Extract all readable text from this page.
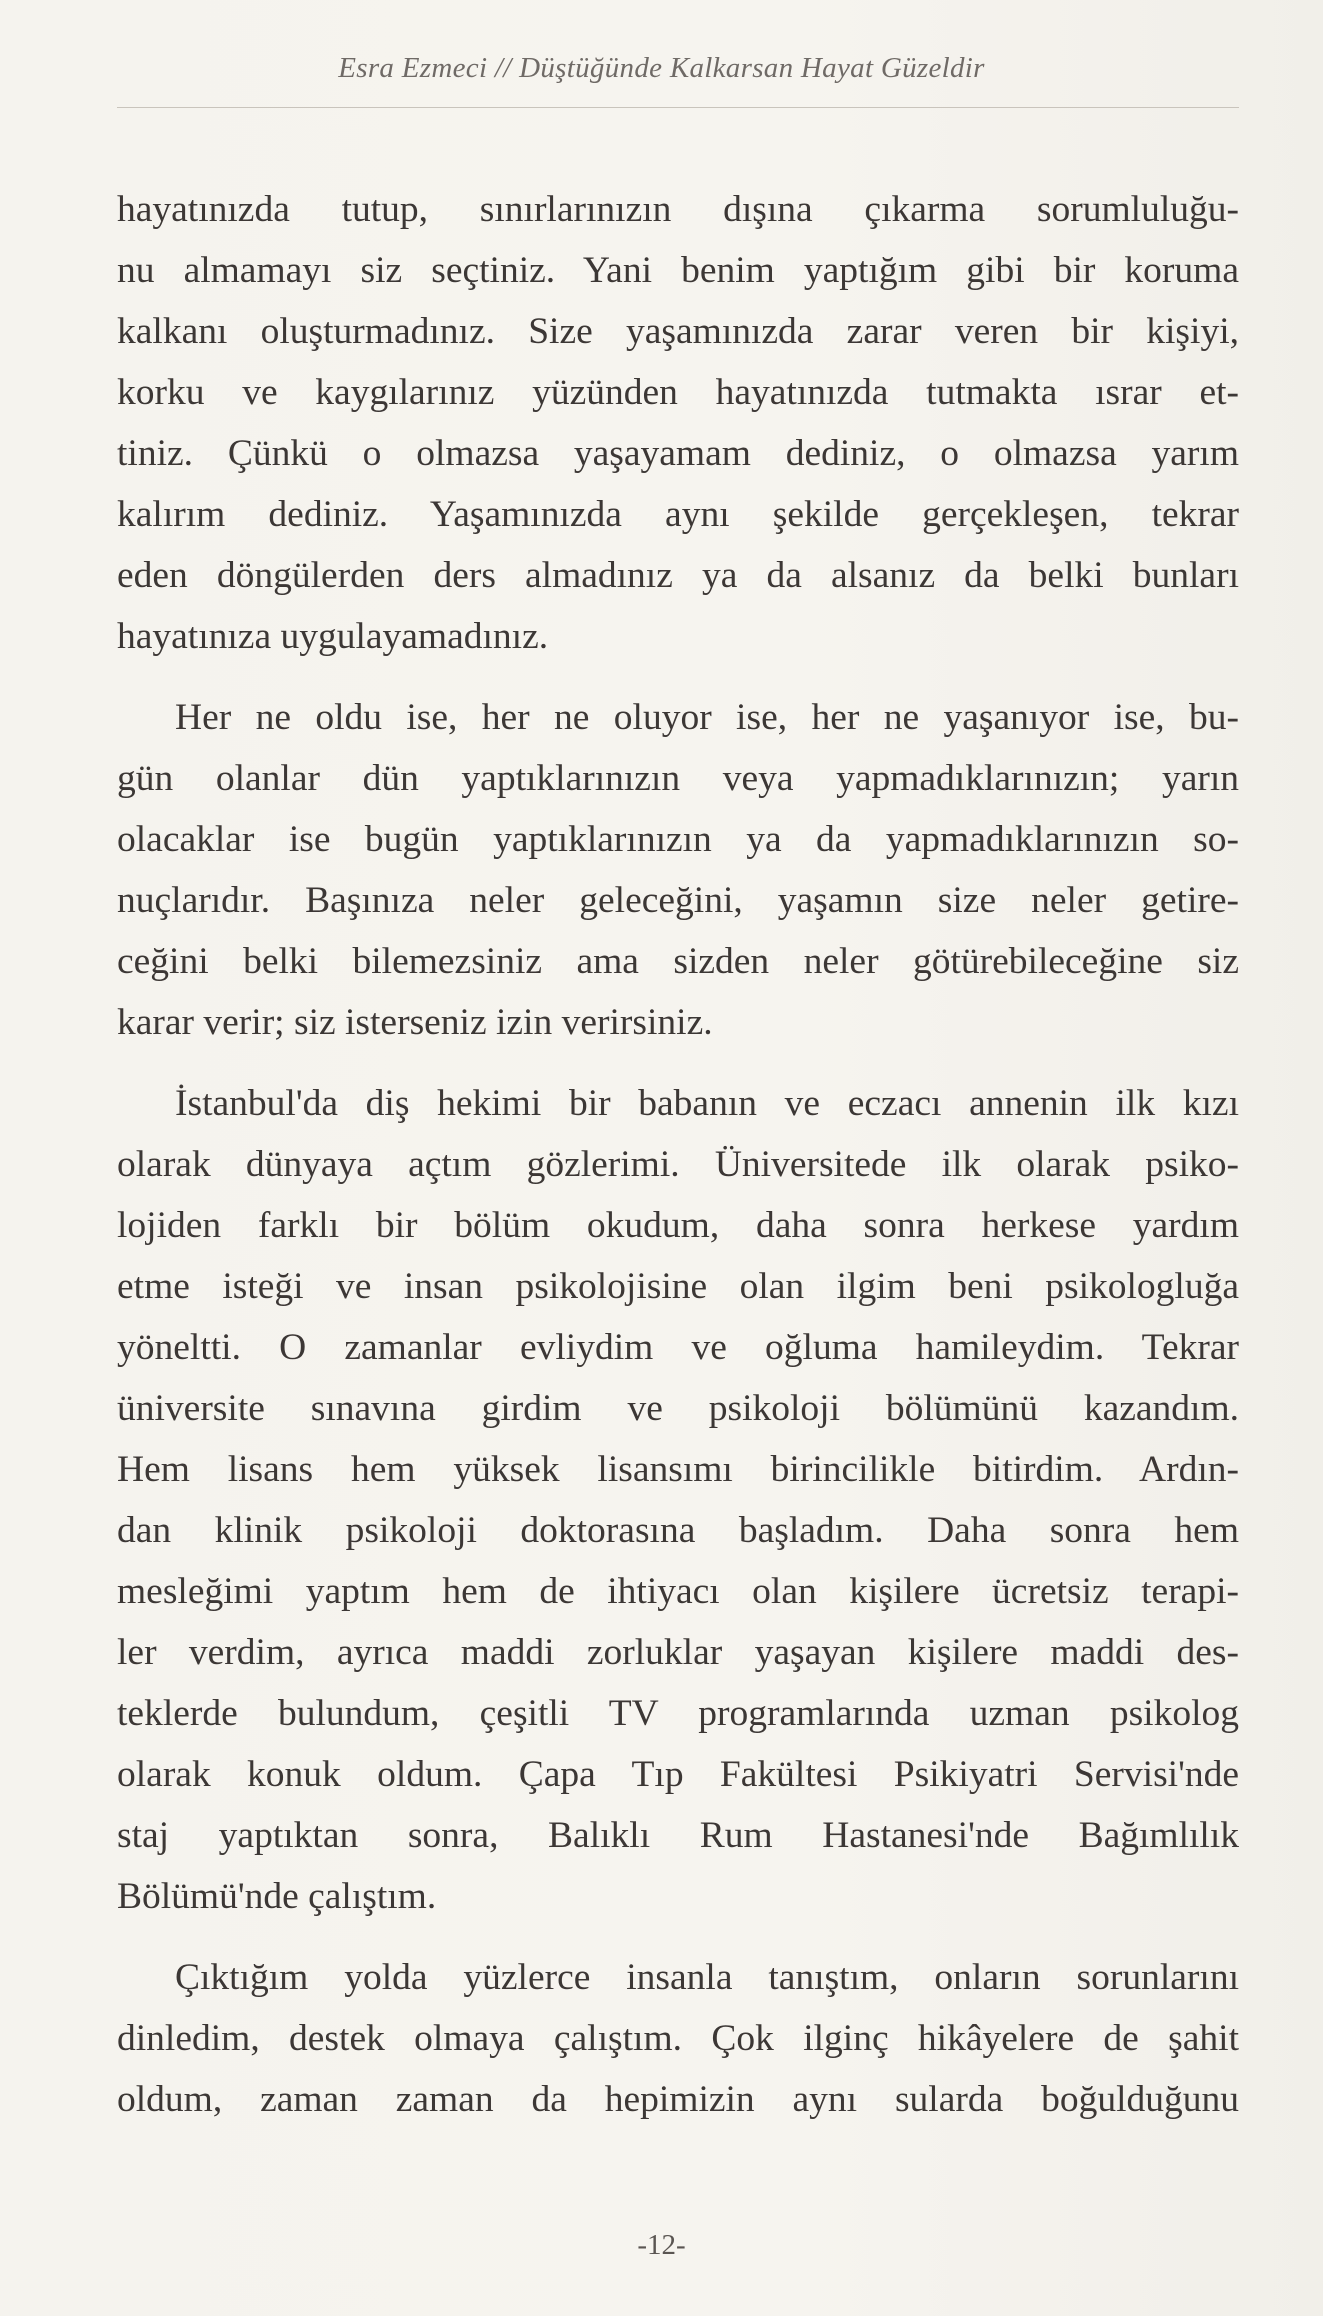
Esra Ezmeci // Düştüğünde Kalkarsan Hayat Güzeldir
hayatınızda tutup, sınırlarınızın dışına çıkarma sorumluluğu-
nu almamayı siz seçtiniz. Yani benim yaptığım gibi bir koruma
kalkanı oluşturmadınız. Size yaşamınızda zarar veren bir kişiyi,
korku ve kaygılarınız yüzünden hayatınızda tutmakta ısrar et-
tiniz. Çünkü o olmazsa yaşayamam dediniz, o olmazsa yarım
kalırım dediniz. Yaşamınızda aynı şekilde gerçekleşen, tekrar
eden döngülerden ders almadınız ya da alsanız da belki bunları
hayatınıza uygulayamadınız.
Her ne oldu ise, her ne oluyor ise, her ne yaşanıyor ise, bu-
gün olanlar dün yaptıklarınızın veya yapmadıklarınızın; yarın
olacaklar ise bugün yaptıklarınızın ya da yapmadıklarınızın so-
nuçlarıdır. Başınıza neler geleceğini, yaşamın size neler getire-
ceğini belki bilemezsiniz ama sizden neler götürebileceğine siz
karar verir; siz isterseniz izin verirsiniz.
İstanbul'da diş hekimi bir babanın ve eczacı annenin ilk kızı
olarak dünyaya açtım gözlerimi. Üniversitede ilk olarak psiko-
lojiden farklı bir bölüm okudum, daha sonra herkese yardım
etme isteği ve insan psikolojisine olan ilgim beni psikologluğa
yöneltti. O zamanlar evliydim ve oğluma hamileydim. Tekrar
üniversite sınavına girdim ve psikoloji bölümünü kazandım.
Hem lisans hem yüksek lisansımı birincilikle bitirdim. Ardın-
dan klinik psikoloji doktorasına başladım. Daha sonra hem
mesleğimi yaptım hem de ihtiyacı olan kişilere ücretsiz terapi-
ler verdim, ayrıca maddi zorluklar yaşayan kişilere maddi des-
teklerde bulundum, çeşitli TV programlarında uzman psikolog
olarak konuk oldum. Çapa Tıp Fakültesi Psikiyatri Servisi'nde
staj yaptıktan sonra, Balıklı Rum Hastanesi'nde Bağımlılık
Bölümü'nde çalıştım.
Çıktığım yolda yüzlerce insanla tanıştım, onların sorunlarını
dinledim, destek olmaya çalıştım. Çok ilginç hikâyelere de şahit
oldum, zaman zaman da hepimizin aynı sularda boğulduğunu
-12-
